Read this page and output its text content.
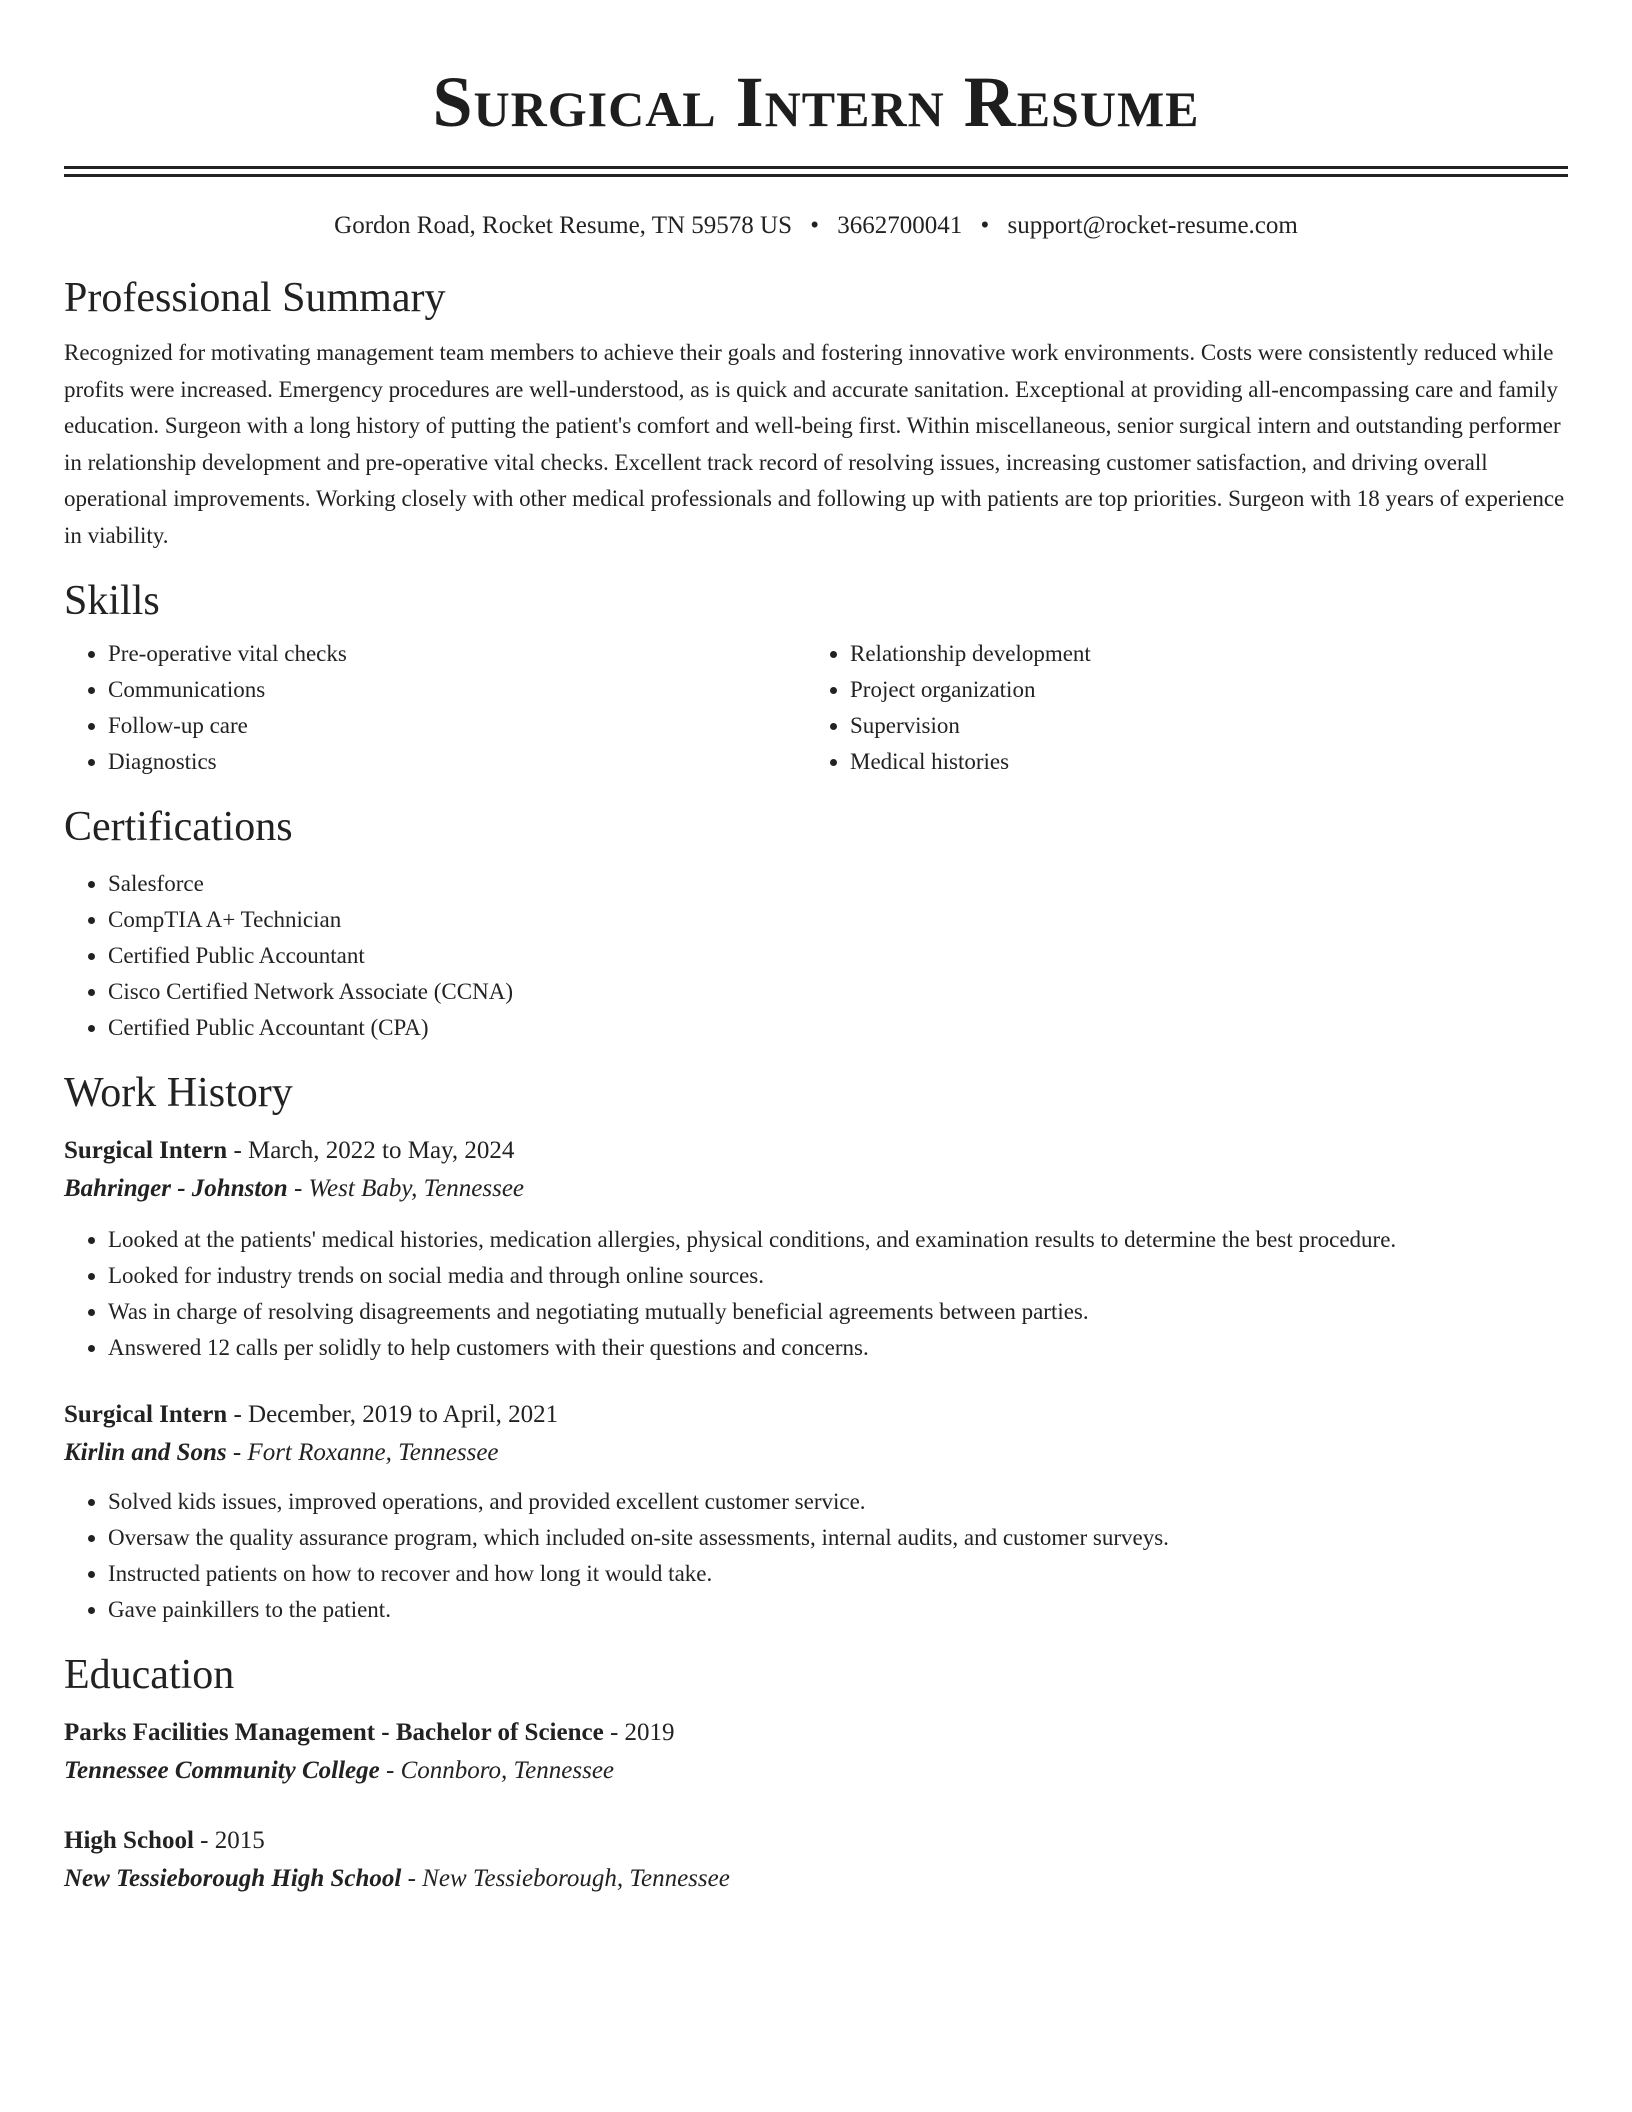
Surgical Intern Resume
Gordon Road, Rocket Resume, TN 59578 US • 3662700041 • support@rocket-resume.com
Professional Summary

Recognized for motivating management team members to achieve their goals and fostering innovative work environments. Costs were consistently reduced while profits were increased. Emergency procedures are well-understood, as is quick and accurate sanitation. Exceptional at providing all-encompassing care and family education. Surgeon with a long history of putting the patient's comfort and well-being first. Within miscellaneous, senior surgical intern and outstanding performer in relationship development and pre-operative vital checks. Excellent track record of resolving issues, increasing customer satisfaction, and driving overall operational improvements. Working closely with other medical professionals and following up with patients are top priorities. Surgeon with 18 years of experience in viability.

Skills
• Pre-operative vital checks
• Communications
• Follow-up care
• Diagnostics
• Relationship development
• Project organization
• Supervision
• Medical histories
Certifications
• Salesforce
• CompTIA A+ Technician
• Certified Public Accountant
• Cisco Certified Network Associate (CCNA)
• Certified Public Accountant (CPA)
Work History
Surgical Intern - March, 2022 to May, 2024
Bahringer - Johnston - West Baby, Tennessee
• Looked at the patients' medical histories, medication allergies, physical conditions, and examination results to determine the best procedure.
• Looked for industry trends on social media and through online sources.
• Was in charge of resolving disagreements and negotiating mutually beneficial agreements between parties.
• Answered 12 calls per solidly to help customers with their questions and concerns.
Surgical Intern - December, 2019 to April, 2021
Kirlin and Sons - Fort Roxanne, Tennessee
• Solved kids issues, improved operations, and provided excellent customer service.
• Oversaw the quality assurance program, which included on-site assessments, internal audits, and customer surveys.
• Instructed patients on how to recover and how long it would take.
• Gave painkillers to the patient.
Education
Parks Facilities Management - Bachelor of Science - 2019
Tennessee Community College - Connboro, Tennessee
High School - 2015
New Tessieborough High School - New Tessieborough, Tennessee
